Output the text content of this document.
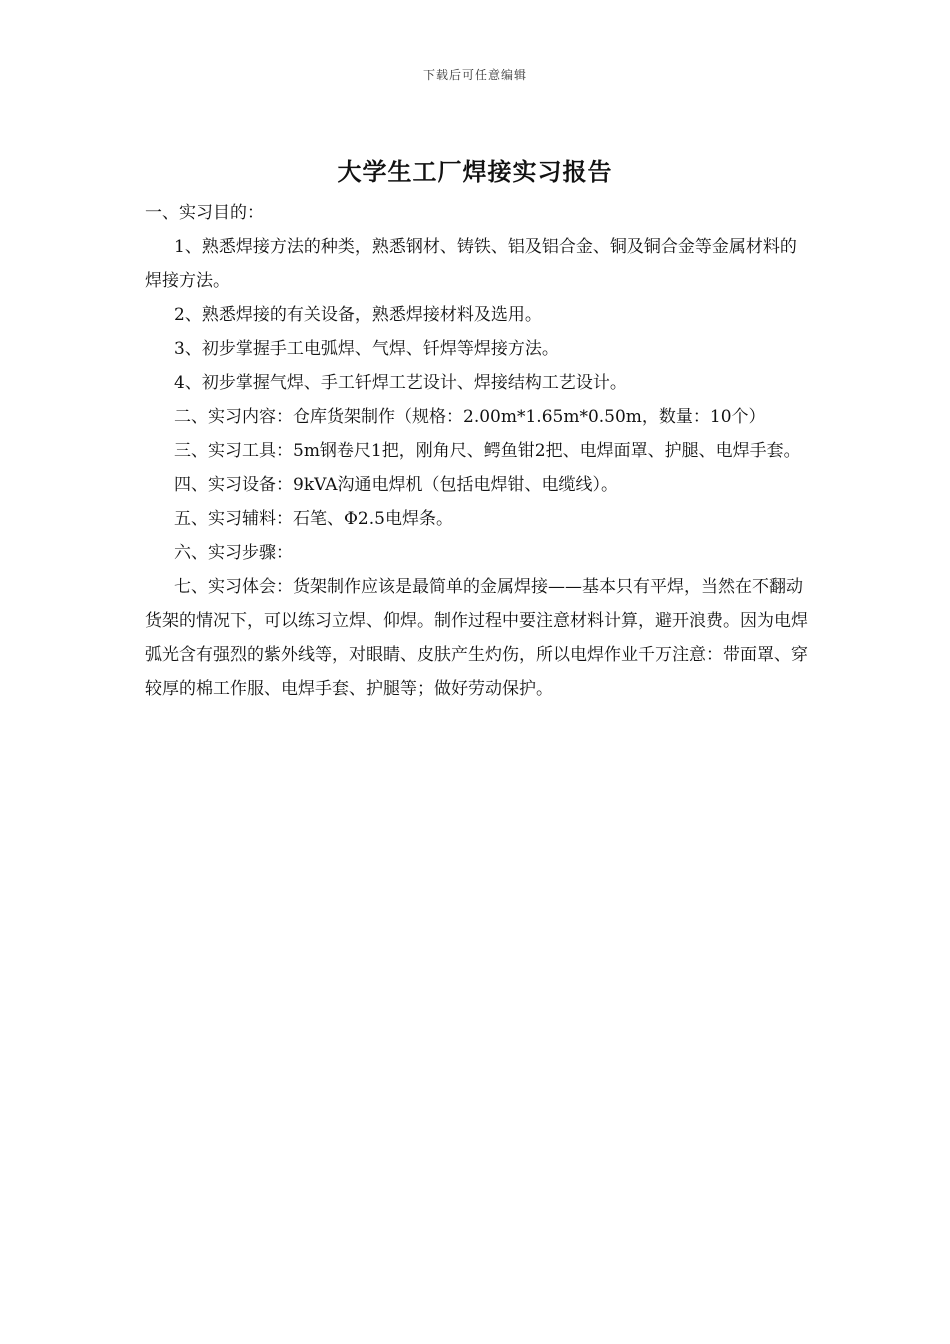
下载后可任意编辑
大学生工厂焊接实习报告

一、实习目的：

1、熟悉焊接方法的种类，熟悉钢材、铸铁、铝及铝合金、铜及铜合金等金属材料的焊接方法。

2、熟悉焊接的有关设备，熟悉焊接材料及选用。

3、初步掌握手工电弧焊、气焊、钎焊等焊接方法。

4、初步掌握气焊、手工钎焊工艺设计、焊接结构工艺设计。

二、实习内容：仓库货架制作（规格：2.00m*1.65m*0.50m，数量：10个）

三、实习工具：5m钢卷尺1把，刚角尺、鳄鱼钳2把、电焊面罩、护腿、电焊手套。

四、实习设备：9kVA沟通电焊机（包括电焊钳、电缆线）。

五、实习辅料：石笔、Φ2.5电焊条。

六、实习步骤：

七、实习体会：货架制作应该是最简单的金属焊接——基本只有平焊，当然在不翻动货架的情况下，可以练习立焊、仰焊。制作过程中要注意材料计算，避开浪费。因为电焊弧光含有强烈的紫外线等，对眼睛、皮肤产生灼伤，所以电焊作业千万注意：带面罩、穿较厚的棉工作服、电焊手套、护腿等；做好劳动保护。
